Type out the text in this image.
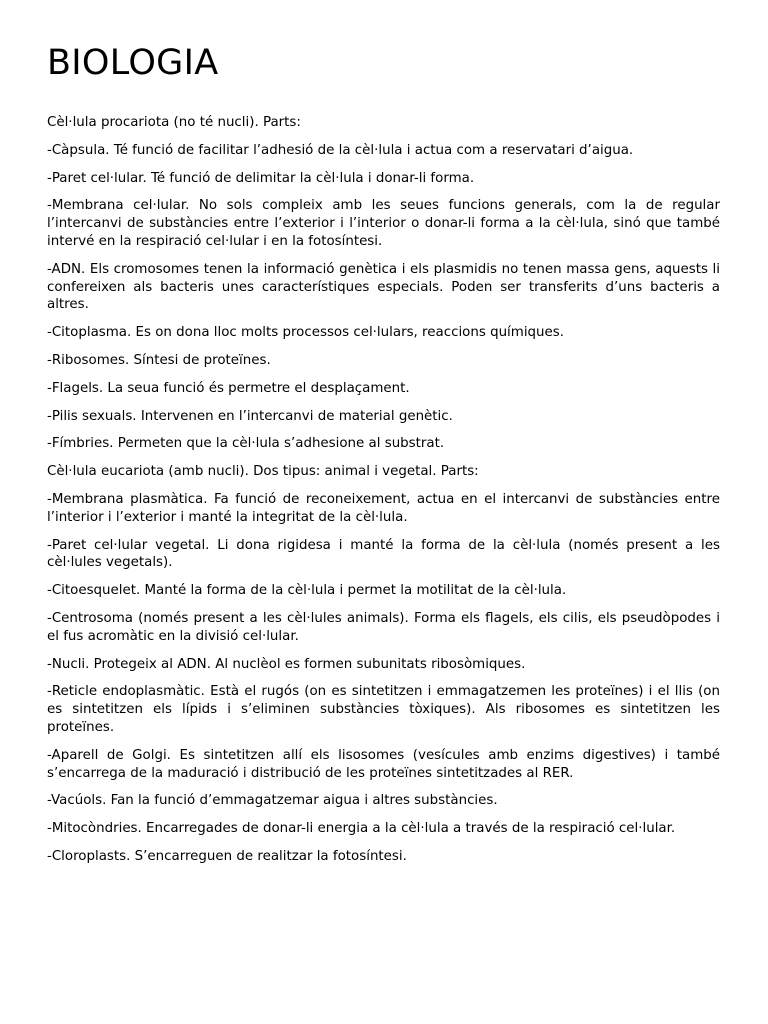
BIOLOGIA

Cèl·lula procariota (no té nucli). Parts:

-Càpsula. Té funció de facilitar l’adhesió de la cèl·lula i actua com a reservatari d’aigua.

-Paret cel·lular. Té funció de delimitar la cèl·lula i donar-li forma.

-Membrana cel·lular. No sols compleix amb les seues funcions generals, com la de regular l’intercanvi de substàncies entre l’exterior i l’interior o donar-li forma a la cèl·lula, sinó que també intervé en la respiració cel·lular i en la fotosíntesi.

-ADN. Els cromosomes tenen la informació genètica i els plasmidis no tenen massa gens, aquests li confereixen als bacteris unes característiques especials. Poden ser transferits d’uns bacteris a altres.

-Citoplasma. Es on dona lloc molts processos cel·lulars, reaccions químiques.

-Ribosomes. Síntesi de proteïnes.

-Flagels. La seua funció és permetre el desplaçament.

-Pilis sexuals. Intervenen en l’intercanvi de material genètic.

-Fímbries. Permeten que la cèl·lula s’adhesione al substrat.

Cèl·lula eucariota (amb nucli). Dos tipus: animal i vegetal. Parts:

-Membrana plasmàtica. Fa funció de reconeixement, actua en el intercanvi de substàncies entre l’interior i l’exterior i manté la integritat de la cèl·lula.

-Paret cel·lular vegetal. Li dona rigidesa i manté la forma de la cèl·lula (només present a les cèl·lules vegetals).

-Citoesquelet. Manté la forma de la cèl·lula i permet la motilitat de la cèl·lula.

-Centrosoma (només present a les cèl·lules animals). Forma els flagels, els cilis, els pseudòpodes i el fus acromàtic en la divisió cel·lular.

-Nucli. Protegeix al ADN. Al nuclèol es formen subunitats ribosòmiques.

-Reticle endoplasmàtic. Està el rugós (on es sintetitzen i emmagatzemen les proteïnes) i el llis (on es sintetitzen els lípids i s’eliminen substàncies tòxiques). Als ribosomes es sintetitzen les proteïnes.

-Aparell de Golgi. Es sintetitzen allí els lisosomes (vesícules amb enzims digestives) i també s’encarrega de la maduració i distribució de les proteïnes sintetitzades al RER.

-Vacúols. Fan la funció d’emmagatzemar aigua i altres substàncies.

-Mitocòndries. Encarregades de donar-li energia a la cèl·lula a través de la respiració cel·lular.

-Cloroplasts. S’encarreguen de realitzar la fotosíntesi.
